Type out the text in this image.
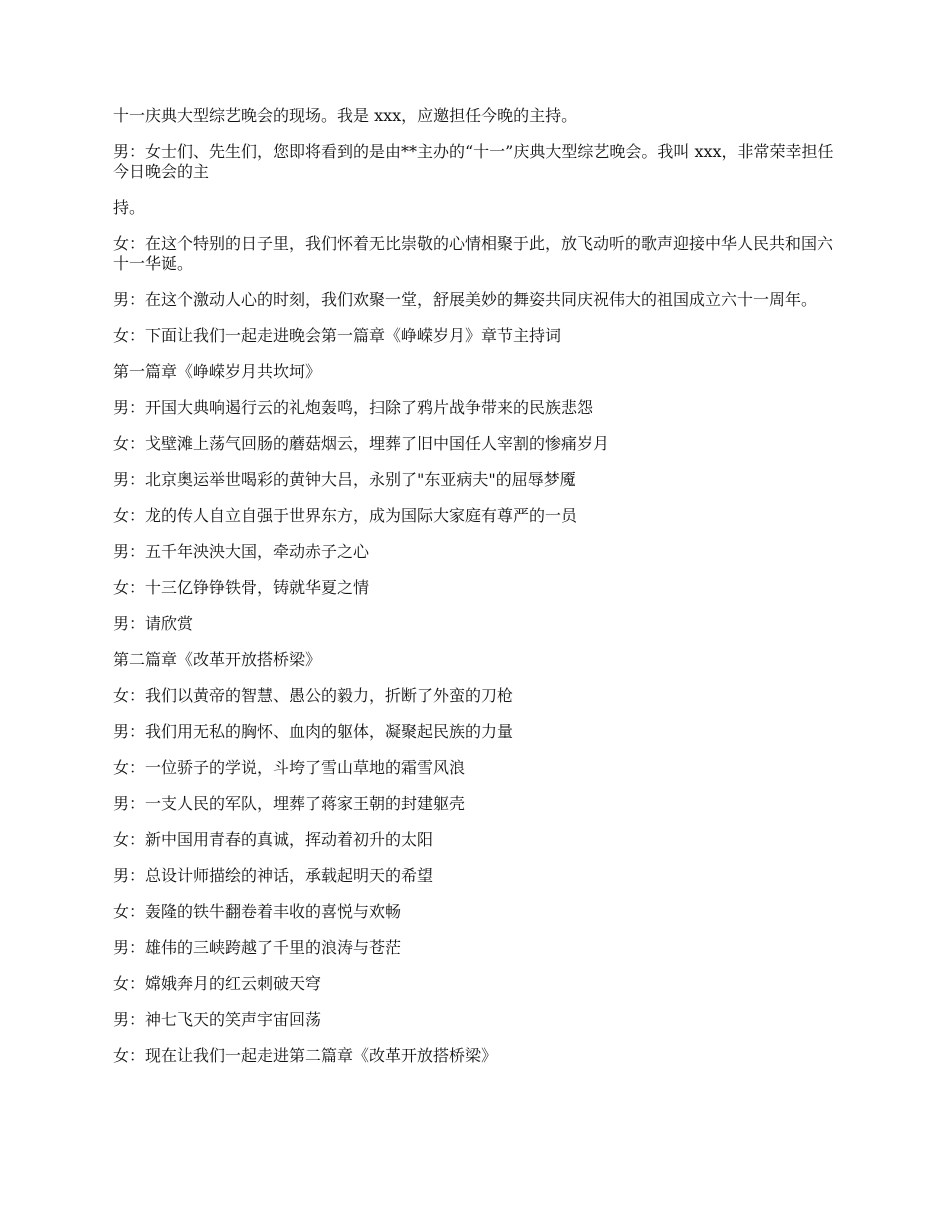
十一庆典大型综艺晚会的现场。我是 xxx，应邀担任今晚的主持。

男：女士们、先生们，您即将看到的是由**主办的“十一”庆典大型综艺晚会。我叫 xxx，非常荣幸担任今日晚会的主

持。

女：在这个特别的日子里，我们怀着无比崇敬的心情相聚于此，放飞动听的歌声迎接中华人民共和国六十一华诞。

男：在这个激动人心的时刻，我们欢聚一堂，舒展美妙的舞姿共同庆祝伟大的祖国成立六十一周年。

女：下面让我们一起走进晚会第一篇章《峥嵘岁月》章节主持词

第一篇章《峥嵘岁月共坎坷》

男：开国大典响遏行云的礼炮轰鸣，扫除了鸦片战争带来的民族悲怨

女：戈壁滩上荡气回肠的蘑菇烟云，埋葬了旧中国任人宰割的惨痛岁月

男：北京奥运举世喝彩的黄钟大吕，永别了"东亚病夫"的屈辱梦魇

女：龙的传人自立自强于世界东方，成为国际大家庭有尊严的一员

男：五千年泱泱大国，牵动赤子之心

女：十三亿铮铮铁骨，铸就华夏之情

男：请欣赏

第二篇章《改革开放搭桥梁》

女：我们以黄帝的智慧、愚公的毅力，折断了外蛮的刀枪

男：我们用无私的胸怀、血肉的躯体，凝聚起民族的力量

女：一位骄子的学说，斗垮了雪山草地的霜雪风浪

男：一支人民的军队，埋葬了蒋家王朝的封建躯壳

女：新中国用青春的真诚，挥动着初升的太阳

男：总设计师描绘的神话，承载起明天的希望

女：轰隆的铁牛翻卷着丰收的喜悦与欢畅

男：雄伟的三峡跨越了千里的浪涛与苍茫

女：嫦娥奔月的红云刺破天穹

男：神七飞天的笑声宇宙回荡

女：现在让我们一起走进第二篇章《改革开放搭桥梁》
